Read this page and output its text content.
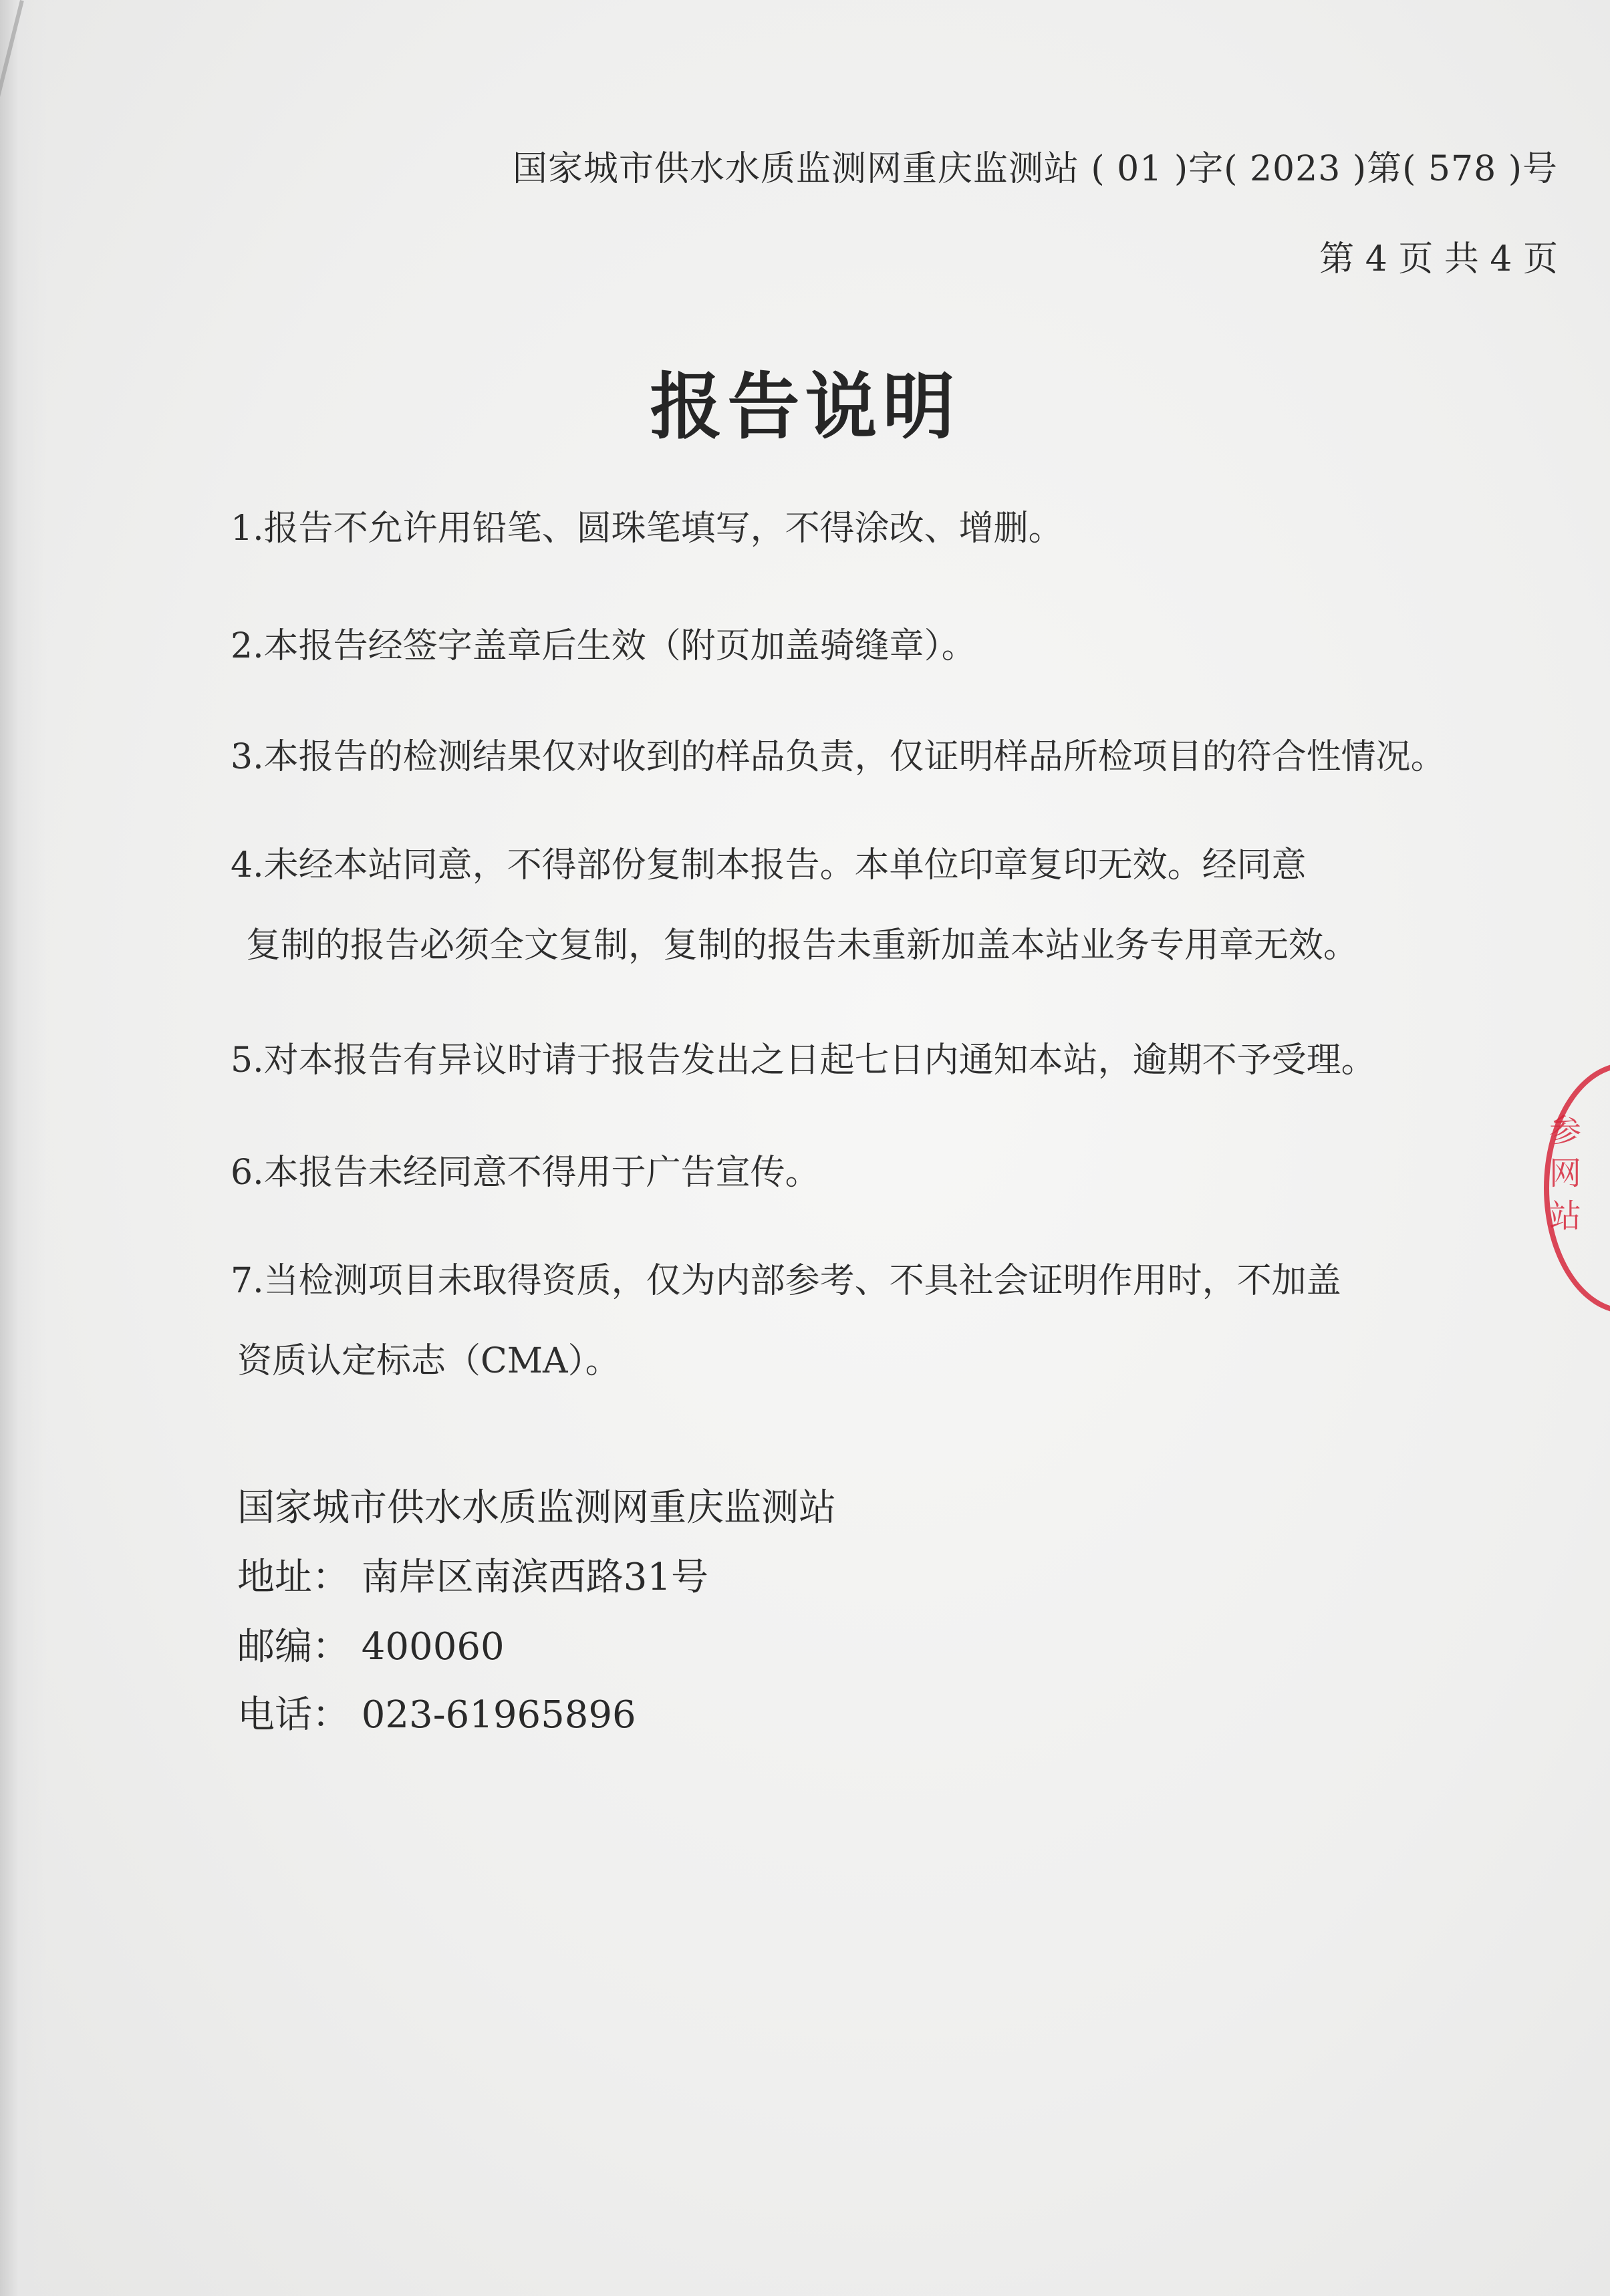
国家城市供水水质监测网重庆监测站 ( 01 )字( 2023 )第( 578 )号
第 4 页 共 4 页
报告说明
1.报告不允许用铅笔、圆珠笔填写，不得涂改、增删。
2.本报告经签字盖章后生效（附页加盖骑缝章）。
3.本报告的检测结果仅对收到的样品负责，仅证明样品所检项目的符合性情况。
4.未经本站同意，不得部份复制本报告。本单位印章复印无效。经同意
复制的报告必须全文复制，复制的报告未重新加盖本站业务专用章无效。
5.对本报告有异议时请于报告发出之日起七日内通知本站，逾期不予受理。
6.本报告未经同意不得用于广告宣传。
7.当检测项目未取得资质，仅为内部参考、不具社会证明作用时，不加盖
资质认定标志（CMA）。
国家城市供水水质监测网重庆监测站
地址： 南岸区南滨西路31号
邮编： 400060
电话： 023-61965896
参 网 站
